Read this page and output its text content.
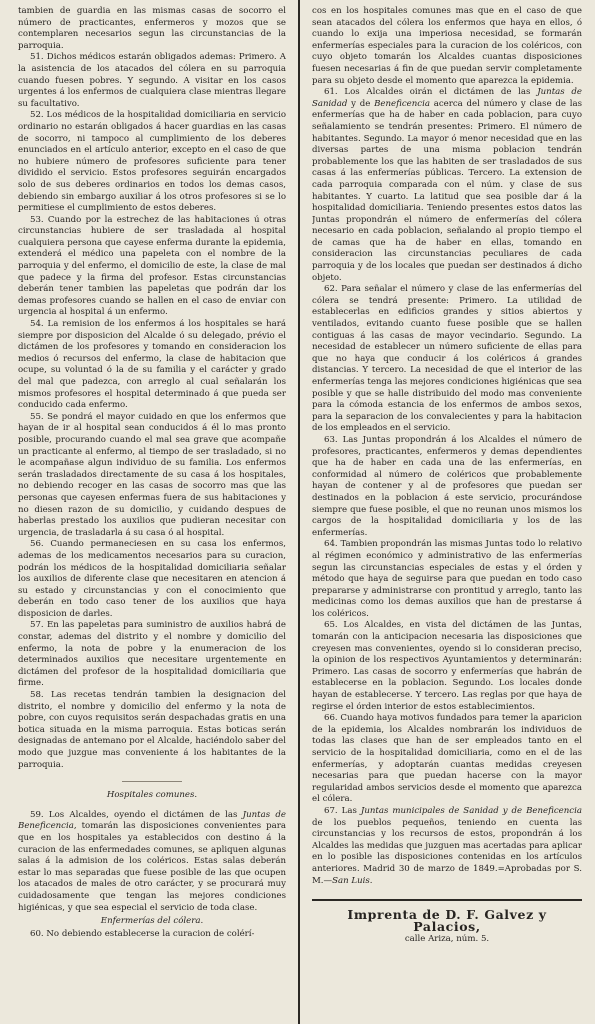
tambien de guardia en las mismas casas de socorro el número de practicantes, enfermeros y mozos que se contemplaren necesarios segun las circunstancias de la parroquia.

51. Dichos médicos estarán obligados ademas: Primero. A la asistencia de los atacados del cólera en su parroquia cuando fuesen pobres. Y segundo. A visitar en los casos urgentes á los enfermos de cualquiera clase mientras llegare su facultativo.

52. Los médicos de la hospitalidad domiciliaria en servicio ordinario no estarán obligados á hacer guardias en las casas de socorro, ni tampoco al cumplimiento de los deberes enunciados en el artículo anterior, excepto en el caso de que no hubiere número de profesores suficiente para tener dividido el servicio. Estos profesores seguirán encargados solo de sus deberes ordinarios en todos los demas casos, debiendo sin embargo auxiliar á los otros profesores si se lo permitiese el cumplimiento de estos deberes.

53. Cuando por la estrechez de las habitaciones ú otras circunstancias hubiere de ser trasladada al hospital cualquiera persona que cayese enferma durante la epidemia, extenderá el médico una papeleta con el nombre de la parroquia y del enfermo, el domicilio de este, la clase de mal que padece y la firma del profesor. Estas circunstancias deberán tener tambien las papeletas que podrán dar los demas profesores cuando se hallen en el caso de enviar con urgencia al hospital á un enfermo.

54. La remision de los enfermos á los hospitales se hará siempre por disposicion del Alcalde ó su delegado, prévio el dictámen de los profesores y tomando en consideracion los medios ó recursos del enfermo, la clase de habitacion que ocupe, su voluntad ó la de su familia y el carácter y grado del mal que padezca, con arreglo al cual señalarán los mismos profesores el hospital determinado á que pueda ser conducido cada enfermo.

55. Se pondrá el mayor cuidado en que los enfermos que hayan de ir al hospital sean conducidos á él lo mas pronto posible, procurando cuando el mal sea grave que acompañe un practicante al enfermo, al tiempo de ser trasladado, si no le acompañase algun individuo de su familia. Los enfermos serán trasladados directamente de su casa á los hospitales, no debiendo recoger en las casas de socorro mas que las personas que cayesen enfermas fuera de sus habitaciones y no diesen razon de su domicilio, y cuidando despues de haberlas prestado los auxilios que pudieran necesitar con urgencia, de trasladarla á su casa ó al hospital.

56. Cuando permaneciesen en su casa los enfermos, ademas de los medicamentos necesarios para su curacion, podrán los médicos de la hospitalidad domiciliaria señalar los auxilios de diferente clase que necesitaren en atencion á su estado y circunstancias y con el conocimiento que deberán en todo caso tener de los auxilios que haya disposicion de darles.

57. En las papeletas para suministro de auxilios habrá de constar, ademas del distrito y el nombre y domicilio del enfermo, la nota de pobre y la enumeracion de los determinados auxilios que necesitare urgentemente en dictámen del profesor de la hospitalidad domiciliaria que firme.

58. Las recetas tendrán tambien la designacion del distrito, el nombre y domicilio del enfermo y la nota de pobre, con cuyos requisitos serán despachadas gratis en una botica situada en la misma parroquia. Estas boticas serán designadas de antemano por el Alcalde, haciéndolo saber del modo que juzgue mas conveniente á los habitantes de la parroquia.

Hospitales comunes.

59. Los Alcaldes, oyendo el dictámen de las Juntas de Beneficencia, tomarán las disposiciones convenientes para que en los hospitales ya establecidos con destino á la curacion de las enfermedades comunes, se apliquen algunas salas á la admision de los coléricos. Estas salas deberán estar lo mas separadas que fuese posible de las que ocupen los atacados de males de otro carácter, y se procurará muy cuidadosamente que tengan las mejores condiciones higiénicas, y que sea especial el servicio de toda clase.

Enfermerías del cólera.

60. No debiendo establecerse la curacion de colérí-

cos en los hospitales comunes mas que en el caso de que sean atacados del cólera los enfermos que haya en ellos, ó cuando lo exija una imperiosa necesidad, se formarán enfermerías especiales para la curacion de los coléricos, con cuyo objeto tomarán los Alcaldes cuantas disposiciones fuesen necesarias á fin de que puedan servir completamente para su objeto desde el momento que aparezca la epidemia.

61. Los Alcaldes oirán el dictámen de las Juntas de Sanidad y de Beneficencia acerca del número y clase de las enfermerías que ha de haber en cada poblacion, para cuyo señalamiento se tendrán presentes: Primero. El número de habitantes. Segundo. La mayor ó menor necesidad que en las diversas partes de una misma poblacion tendrán probablemente los que las habiten de ser trasladados de sus casas á las enfermerías públicas. Tercero. La extension de cada parroquia comparada con el núm. y clase de sus habitantes. Y cuarto. La latitud que sea posible dar á la hospitalidad domiciliaria. Teniendo presentes estos datos las Juntas propondrán el número de enfermerías del cólera necesario en cada poblacion, señalando al propio tiempo el de camas que ha de haber en ellas, tomando en consideracion las circunstancias peculiares de cada parroquia y de los locales que puedan ser destinados á dicho objeto.

62. Para señalar el número y clase de las enfermerías del cólera se tendrá presente: Primero. La utilidad de establecerlas en edificios grandes y sitios abiertos y ventilados, evitando cuanto fuese posible que se hallen contiguas á las casas de mayor vecindario. Segundo. La necesidad de establecer un número suficiente de ellas para que no haya que conducir á los coléricos á grandes distancias. Y tercero. La necesidad de que el interior de las enfermerías tenga las mejores condiciones higiénicas que sea posible y que se halle distribuido del modo mas conveniente para la cómoda estancia de los enfermos de ambos sexos, para la separacion de los convalecientes y para la habitacion de los empleados en el servicio.

63. Las Juntas propondrán á los Alcaldes el número de profesores, practicantes, enfermeros y demas dependientes que ha de haber en cada una de las enfermerías, en conformidad al número de coléricos que probablemente hayan de contener y al de profesores que puedan ser destinados en la poblacion á este servicio, procurándose siempre que fuese posible, el que no reunan unos mismos los cargos de la hospitalidad domiciliaria y los de las enfermerías.

64. Tambien propondrán las mismas Juntas todo lo relativo al régimen económico y administrativo de las enfermerías segun las circunstancias especiales de estas y el órden y método que haya de seguirse para que puedan en todo caso prepararse y administrarse con prontitud y arreglo, tanto las medicinas como los demas auxilios que han de prestarse á los coléricos.

65. Los Alcaldes, en vista del dictámen de las Juntas, tomarán con la anticipacion necesaria las disposiciones que creyesen mas convenientes, oyendo si lo consideran preciso, la opinion de los respectivos Ayuntamientos y determinarán: Primero. Las casas de socorro y enfermerías que habrán de establecerse en la poblacion. Segundo. Los locales donde hayan de establecerse. Y tercero. Las reglas por que haya de regirse el órden interior de estos establecimientos.

66. Cuando haya motivos fundados para temer la aparicion de la epidemia, los Alcaldes nombrarán los individuos de todas las clases que han de ser empleados tanto en el servicio de la hospitalidad domiciliaria, como en el de las enfermerías, y adoptarán cuantas medidas creyesen necesarias para que puedan hacerse con la mayor regularidad ambos servicios desde el momento que aparezca el cólera.

67. Las Juntas municipales de Sanidad y de Beneficencia de los pueblos pequeños, teniendo en cuenta las circunstancias y los recursos de estos, propondrán á los Alcaldes las medidas que juzguen mas acertadas para aplicar en lo posible las disposiciones contenidas en los artículos anteriores. Madrid 30 de marzo de 1849.=Aprobadas por S. M.—San Luis.

Imprenta de D. F. Galvez y Palacios,
calle Ariza, núm. 5.
